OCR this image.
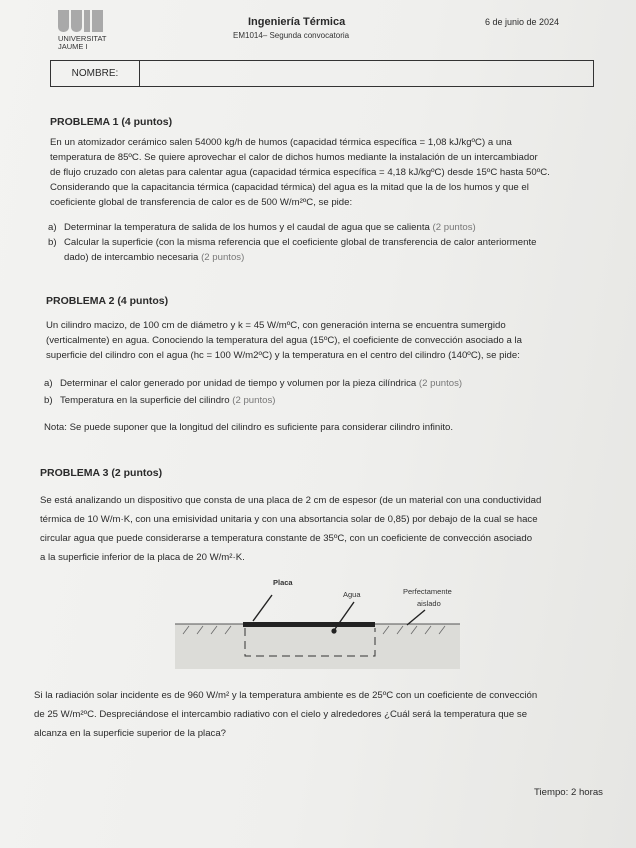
UNIVERSITAT
JAUME I
Ingeniería Térmica
EM1014– Segunda convocatoria
6 de junio de 2024
NOMBRE:
PROBLEMA 1 (4 puntos)
En un atomizador cerámico salen 54000 kg/h de humos (capacidad térmica específica = 1,08 kJ/kgºC) a una
temperatura de 85ºC. Se quiere aprovechar el calor de dichos humos mediante la instalación de un intercambiador
de flujo cruzado con aletas para calentar agua (capacidad térmica específica = 4,18 kJ/kgºC) desde 15ºC hasta 50ºC.
Considerando que la capacitancia térmica (capacidad térmica) del agua es la mitad que la de los humos y que el
coeficiente global de transferencia de calor es de 500 W/m²ºC, se pide:
a) Determinar la temperatura de salida de los humos y el caudal de agua que se calienta (2 puntos)
b) Calcular la superficie (con la misma referencia que el coeficiente global de transferencia de calor anteriormente
dado) de intercambio necesaria (2 puntos)
PROBLEMA 2 (4 puntos)
Un cilindro macizo, de 100 cm de diámetro y k = 45 W/mºC, con generación interna se encuentra sumergido
(verticalmente) en agua. Conociendo la temperatura del agua (15ºC), el coeficiente de convección asociado a la
superficie del cilindro con el agua (hc = 100 W/m2ºC) y la temperatura en el centro del cilindro (140ºC), se pide:
a) Determinar el calor generado por unidad de tiempo y volumen por la pieza cilíndrica (2 puntos)
b) Temperatura en la superficie del cilindro (2 puntos)
Nota: Se puede suponer que la longitud del cilindro es suficiente para considerar cilindro infinito.
PROBLEMA 3 (2 puntos)
Se está analizando un dispositivo que consta de una placa de 2 cm de espesor (de un material con una conductividad
térmica de 10 W/m·K, con una emisividad unitaria y con una absortancia solar de 0,85) por debajo de la cual se hace
circular agua que puede considerarse a temperatura constante de 35ºC, con un coeficiente de convección asociado
a la superficie inferior de la placa de 20 W/m²·K.
Placa
Agua	Perfectamente
aislado
Si la radiación solar incidente es de 960 W/m² y la temperatura ambiente es de 25ºC con un coeficiente de convección
de 25 W/m²ºC. Despreciándose el intercambio radiativo con el cielo y alrededores ¿Cuál será la temperatura que se
alcanza en la superficie superior de la placa?
Tiempo: 2 horas
